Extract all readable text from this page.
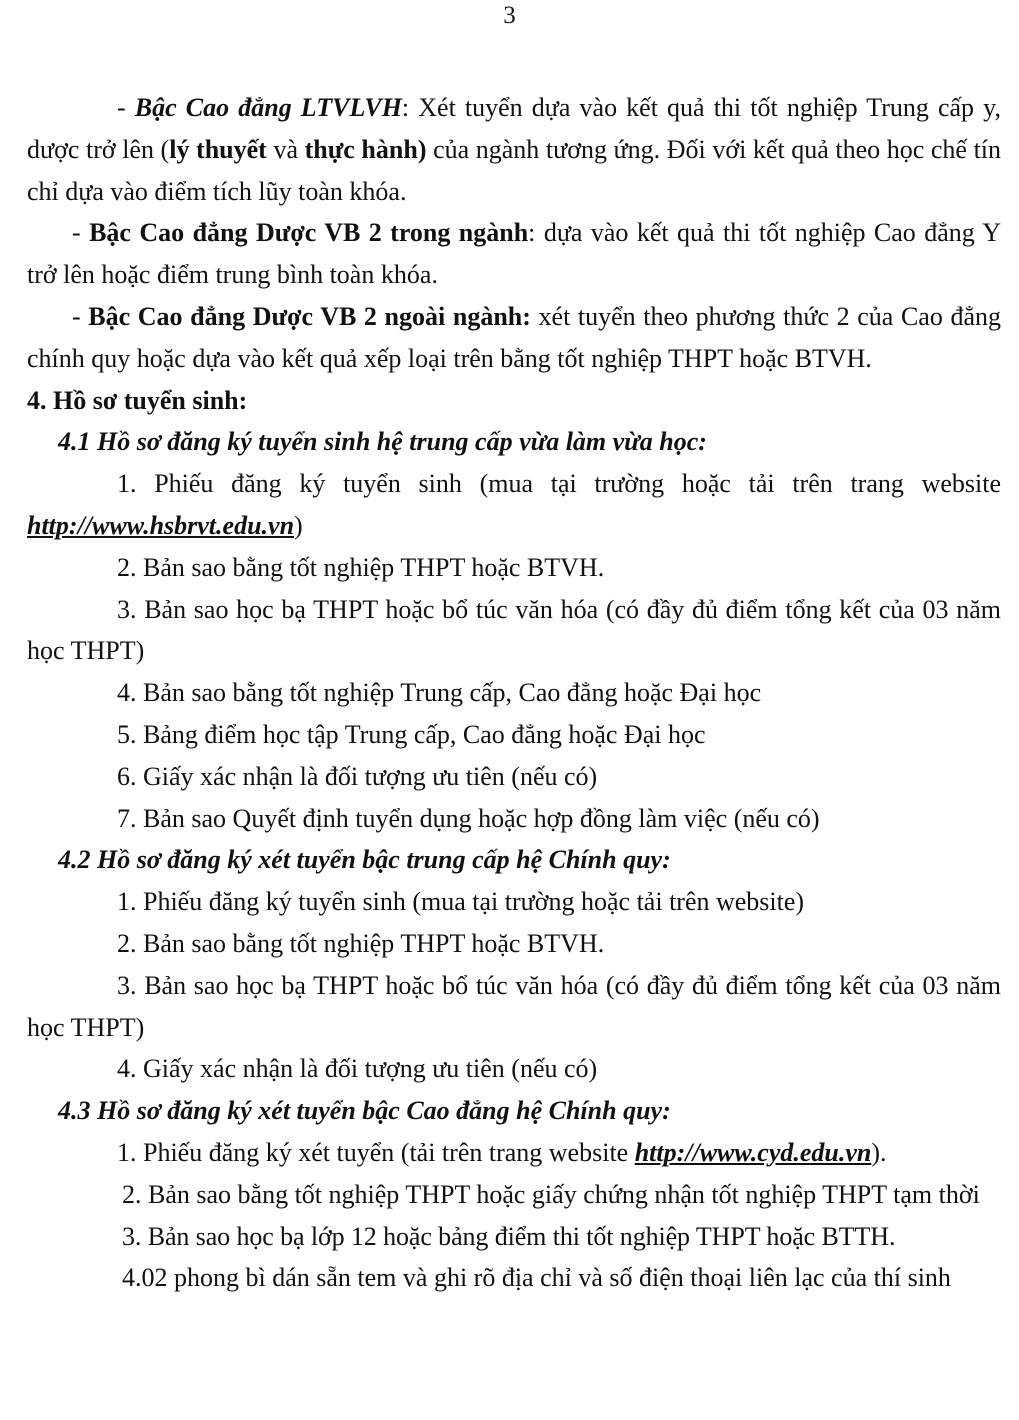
3

- Bậc Cao đẳng LTVLVH: Xét tuyển dựa vào kết quả thi tốt nghiệp Trung cấp y, dược trở lên (lý thuyết và thực hành) của ngành tương ứng. Đối với kết quả theo học chế tín chỉ dựa vào điểm tích lũy toàn khóa.

- Bậc Cao đẳng Dược VB 2 trong ngành: dựa vào kết quả thi tốt nghiệp Cao đẳng Y trở lên hoặc điểm trung bình toàn khóa.

- Bậc Cao đẳng Dược VB 2 ngoài ngành: xét tuyển theo phương thức 2 của Cao đẳng chính quy hoặc dựa vào kết quả xếp loại trên bằng tốt nghiệp THPT hoặc BTVH.

4. Hồ sơ tuyển sinh:

4.1 Hồ sơ đăng ký tuyển sinh hệ trung cấp vừa làm vừa học:

1. Phiếu đăng ký tuyển sinh (mua tại trường hoặc tải trên trang website http://www.hsbrvt.edu.vn)

2. Bản sao bằng tốt nghiệp THPT hoặc BTVH.

3. Bản sao học bạ THPT hoặc bổ túc văn hóa (có đầy đủ điểm tổng kết của 03 năm học THPT)

4. Bản sao bằng tốt nghiệp Trung cấp, Cao đẳng hoặc Đại học

5. Bảng điểm học tập Trung cấp, Cao đẳng hoặc Đại học

6. Giấy xác nhận là đối tượng ưu tiên (nếu có)

7. Bản sao Quyết định tuyển dụng hoặc hợp đồng làm việc (nếu có)

4.2 Hồ sơ đăng ký xét tuyển bậc trung cấp hệ Chính quy:

1. Phiếu đăng ký tuyển sinh (mua tại trường hoặc tải trên website)

2. Bản sao bằng tốt nghiệp THPT hoặc BTVH.

3. Bản sao học bạ THPT hoặc bổ túc văn hóa (có đầy đủ điểm tổng kết của 03 năm học THPT)

4. Giấy xác nhận là đối tượng ưu tiên (nếu có)

4.3 Hồ sơ đăng ký xét tuyển bậc Cao đẳng hệ Chính quy:

1. Phiếu đăng ký xét tuyển (tải trên trang website http://www.cyd.edu.vn).

2. Bản sao bằng tốt nghiệp THPT hoặc giấy chứng nhận tốt nghiệp THPT tạm thời

3. Bản sao học bạ lớp 12 hoặc bảng điểm thi tốt nghiệp THPT hoặc BTTH.

4.02 phong bì dán sẵn tem và ghi rõ địa chỉ và số điện thoại liên lạc của thí sinh
